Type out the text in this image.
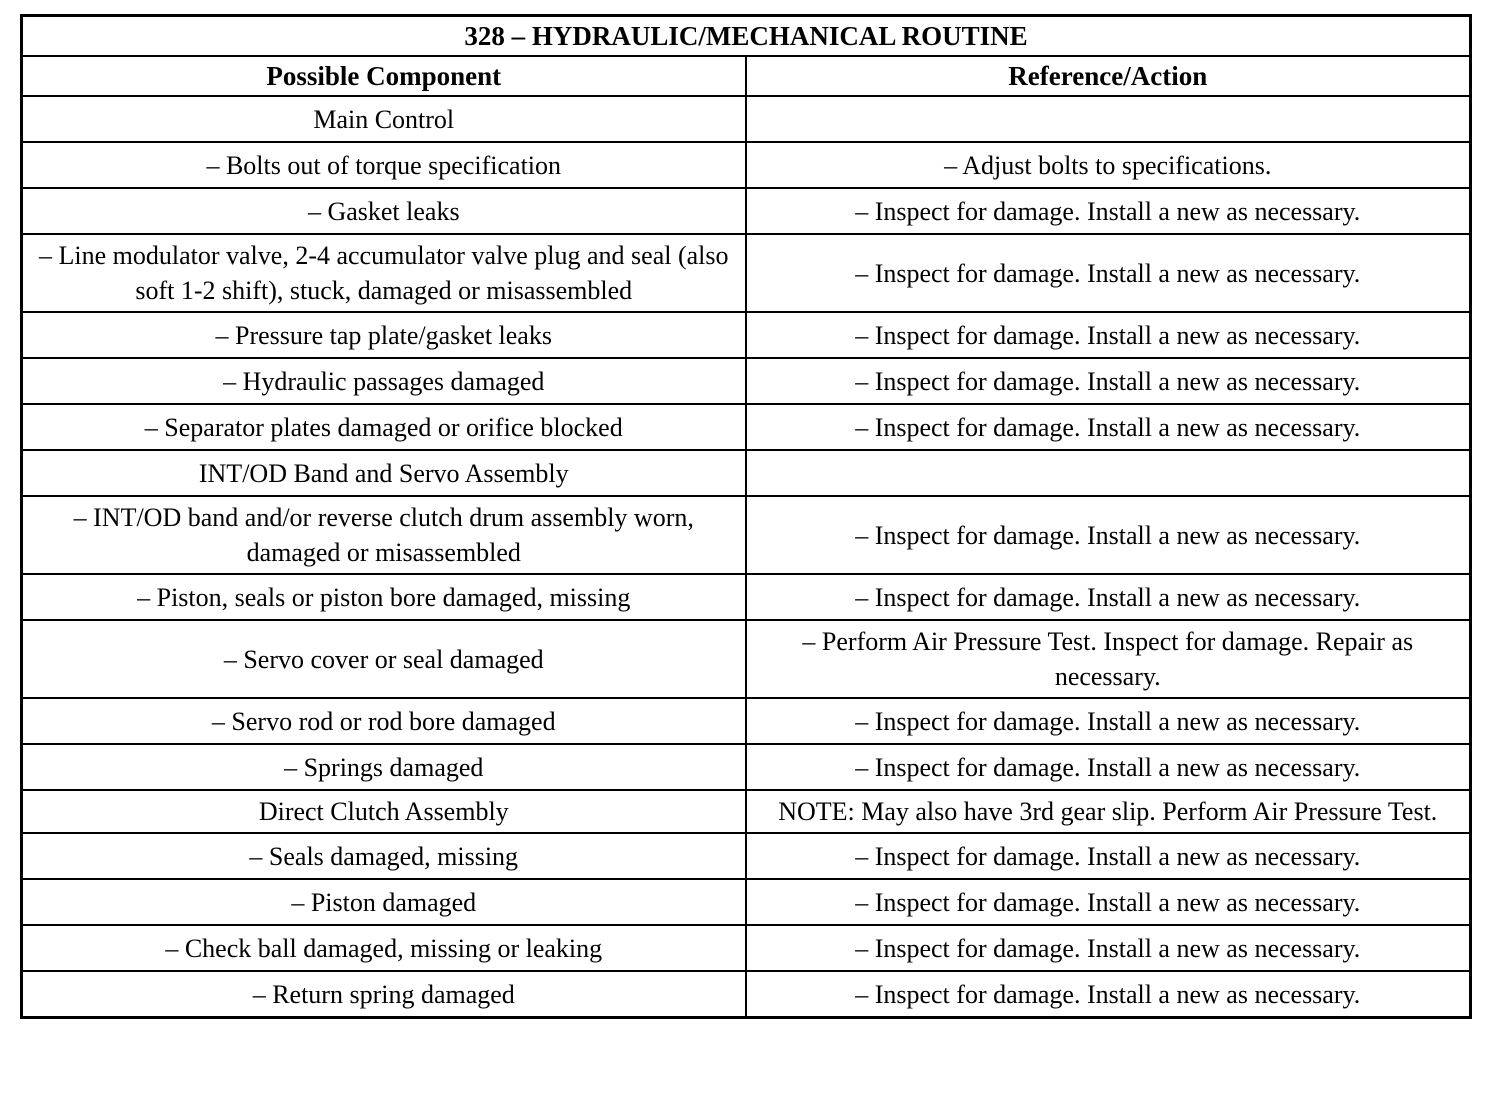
328 – HYDRAULIC/MECHANICAL ROUTINE	
Possible Component	Reference/Action
Main Control	
– Bolts out of torque specification	– Adjust bolts to specifications.
– Gasket leaks	– Inspect for damage. Install a new as necessary.
– Line modulator valve, 2-4 accumulator valve plug and seal (also soft 1-2 shift), stuck, damaged or misassembled	– Inspect for damage. Install a new as necessary.
– Pressure tap plate/gasket leaks	– Inspect for damage. Install a new as necessary.
– Hydraulic passages damaged	– Inspect for damage. Install a new as necessary.
– Separator plates damaged or orifice blocked	– Inspect for damage. Install a new as necessary.
INT/OD Band and Servo Assembly	
– INT/OD band and/or reverse clutch drum assembly worn, damaged or misassembled	– Inspect for damage. Install a new as necessary.
– Piston, seals or piston bore damaged, missing	– Inspect for damage. Install a new as necessary.
– Servo cover or seal damaged	– Perform Air Pressure Test. Inspect for damage. Repair as necessary.
– Servo rod or rod bore damaged	– Inspect for damage. Install a new as necessary.
– Springs damaged	– Inspect for damage. Install a new as necessary.
Direct Clutch Assembly	NOTE: May also have 3rd gear slip. Perform Air Pressure Test.
– Seals damaged, missing	– Inspect for damage. Install a new as necessary.
– Piston damaged	– Inspect for damage. Install a new as necessary.
– Check ball damaged, missing or leaking	– Inspect for damage. Install a new as necessary.
– Return spring damaged	– Inspect for damage. Install a new as necessary.
